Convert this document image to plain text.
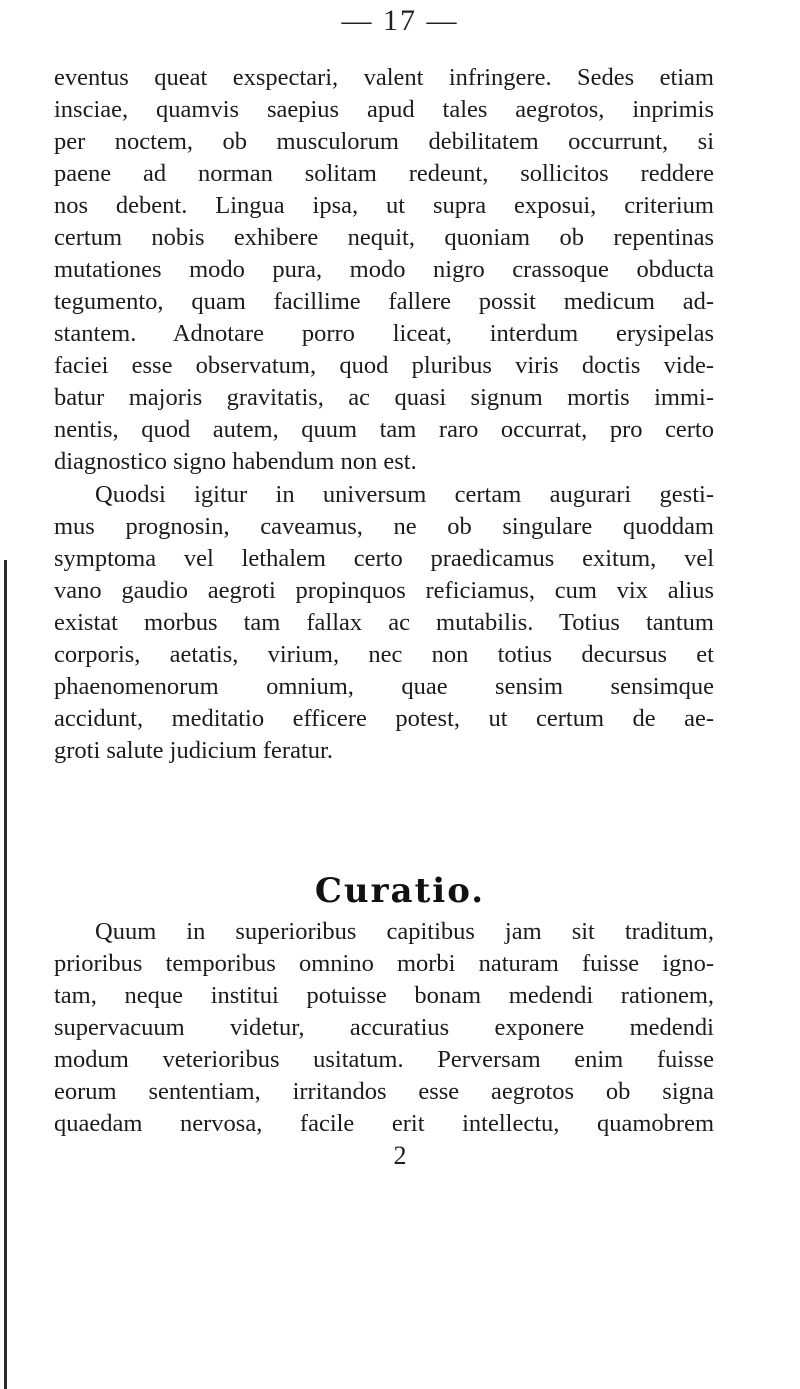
— 17 —
eventus queat exspectari, valent infringere. Sedes etiam
insciae, quamvis saepius apud tales aegrotos, inprimis
per noctem, ob musculorum debilitatem occurrunt, si
paene ad norman solitam redeunt, sollicitos reddere
nos debent. Lingua ipsa, ut supra exposui, criterium
certum nobis exhibere nequit, quoniam ob repentinas
mutationes modo pura, modo nigro crassoque obducta
tegumento, quam facillime fallere possit medicum ad-
stantem. Adnotare porro liceat, interdum erysipelas
faciei esse observatum, quod pluribus viris doctis vide-
batur majoris gravitatis, ac quasi signum mortis immi-
nentis, quod autem, quum tam raro occurrat, pro certo
diagnostico signo habendum non est.
Quodsi igitur in universum certam augurari gesti-
mus prognosin, caveamus, ne ob singulare quoddam
symptoma vel lethalem certo praedicamus exitum, vel
vano gaudio aegroti propinquos reficiamus, cum vix alius
existat morbus tam fallax ac mutabilis. Totius tantum
corporis, aetatis, virium, nec non totius decursus et
phaenomenorum omnium, quae sensim sensimque
accidunt, meditatio efficere potest, ut certum de ae-
groti salute judicium feratur.
Curatio.
Quum in superioribus capitibus jam sit traditum,
prioribus temporibus omnino morbi naturam fuisse igno-
tam, neque institui potuisse bonam medendi rationem,
supervacuum videtur, accuratius exponere medendi
modum veterioribus usitatum. Perversam enim fuisse
eorum sententiam, irritandos esse aegrotos ob signa
quaedam nervosa, facile erit intellectu, quamobrem
2
